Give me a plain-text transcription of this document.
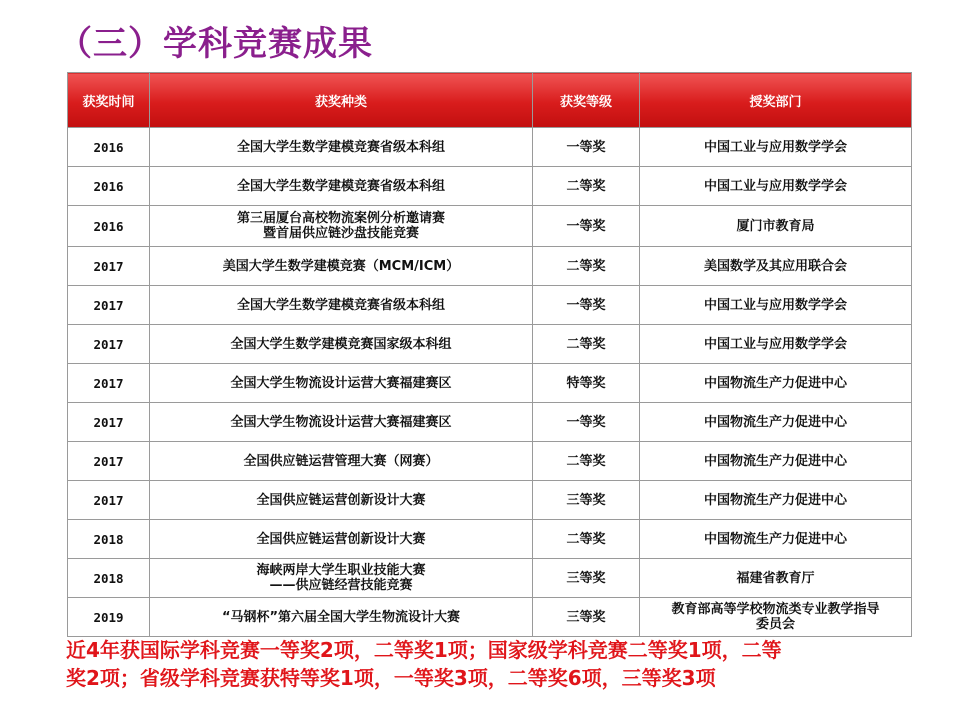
（三）学科竞赛成果
获奖时间	获奖种类	获奖等级	授奖部门
2016	全国大学生数学建模竞赛省级本科组	一等奖	中国工业与应用数学学会

2016	全国大学生数学建模竞赛省级本科组	二等奖	中国工业与应用数学学会

2016	第三届厦台高校物流案例分析邀请赛
暨首届供应链沙盘技能竞赛	一等奖	厦门市教育局

2017	美国大学生数学建模竞赛（MCM/ICM）	二等奖	美国数学及其应用联合会

2017	全国大学生数学建模竞赛省级本科组	一等奖	中国工业与应用数学学会

2017	全国大学生数学建模竞赛国家级本科组	二等奖	中国工业与应用数学学会

2017	全国大学生物流设计运营大赛福建赛区	特等奖	中国物流生产力促进中心

2017	全国大学生物流设计运营大赛福建赛区	一等奖	中国物流生产力促进中心

2017	全国供应链运营管理大赛（网赛）	二等奖	中国物流生产力促进中心

2017	全国供应链运营创新设计大赛	三等奖	中国物流生产力促进中心

2018	全国供应链运营创新设计大赛	二等奖	中国物流生产力促进中心

2018	海峡两岸大学生职业技能大赛
——供应链经营技能竞赛	三等奖	福建省教育厅

2019	“马钢杯”第六届全国大学生物流设计大赛	三等奖	教育部高等学校物流类专业教学指导
委员会
近4年获国际学科竞赛一等奖2项，二等奖1项；国家级学科竞赛二等奖1项，二等
奖2项；省级学科竞赛获特等奖1项，一等奖3项，二等奖6项，三等奖3项
